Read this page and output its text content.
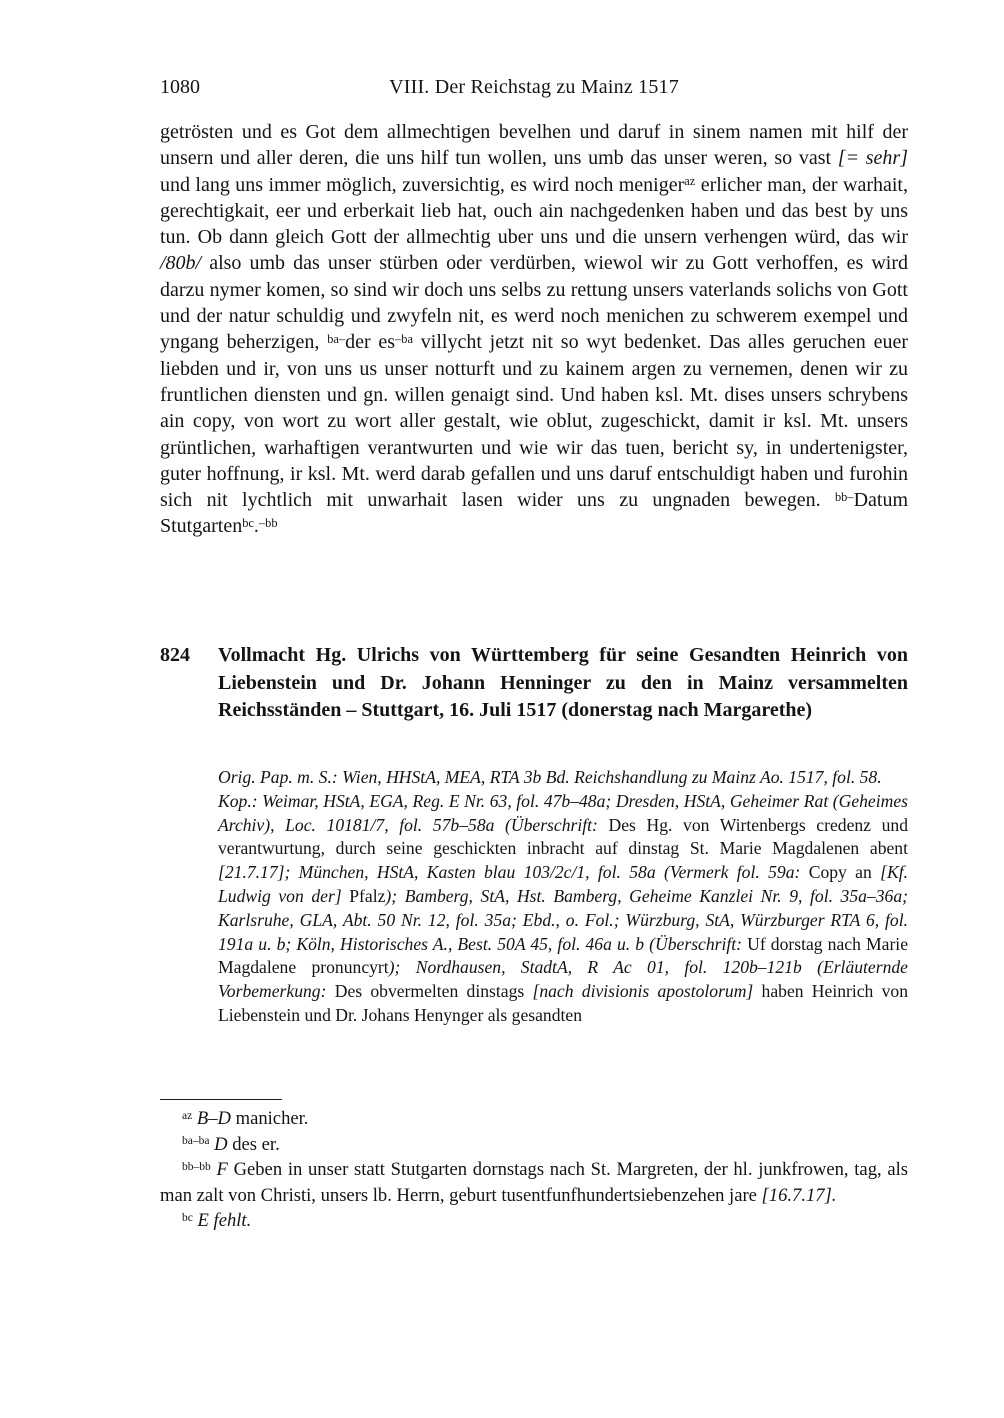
1080	VIII. Der Reichstag zu Mainz 1517
getrösten und es Got dem allmechtigen bevelhen und daruf in sinem namen mit hilf der unsern und aller deren, die uns hilf tun wollen, uns umb das unser weren, so vast [= sehr] und lang uns immer möglich, zuversichtig, es wird noch meniger$^{az}$ erlicher man, der warhait, gerechtigkait, eer und erberkait lieb hat, ouch ain nachgedenken haben und das best by uns tun. Ob dann gleich Gott der allmechtig uber uns und die unsern verhengen würd, das wir /80b/ also umb das unser stürben oder verdürben, wiewol wir zu Gott verhoffen, es wird darzu nymer komen, so sind wir doch uns selbs zu rettung unsers vaterlands solichs von Gott und der natur schuldig und zwyfeln nit, es werd noch menichen zu schwerem exempel und yngang beherzigen, $^{ba-}$der $es^{-ba}$ villycht jetzt nit so wyt bedenket. Das alles geruchen euer liebden und ir, von uns us unser notturft und zu kainem argen zu vernemen, denen wir zu fruntlichen diensten und gn. willen genaigt sind. Und haben ksl. Mt. dises unsers schrybens ain copy, von wort zu wort aller gestalt, wie oblut, zugeschickt, damit ir ksl. Mt. unsers grüntlichen, warhaftigen verantwurten und wie wir das tuen, bericht sy, in undertenigster, guter hoffnung, ir ksl. Mt. werd darab gefallen und uns daruf entschuldigt haben und furohin sich nit lychtlich mit unwarhait lasen wider uns zu ungnaden bewegen. $^{bb-}$Datum Stutgarten$^{bc}$.$^{-bb}$
824	Vollmacht Hg. Ulrichs von Württemberg für seine Gesandten Heinrich von Liebenstein und Dr. Johann Henninger zu den in Mainz versammelten Reichsständen – Stuttgart, 16. Juli 1517 (donerstag nach Margarethe)

Orig. Pap. m. S.: Wien, HHStA, MEA, RTA 3b Bd. Reichshandlung zu Mainz Ao. 1517, fol. 58.

Kop.: Weimar, HStA, EGA, Reg. E Nr. 63, fol. 47b–48a; Dresden, HStA, Geheimer Rat (Geheimes Archiv), Loc. 10181/7, fol. 57b–58a (Überschrift: Des Hg. von Wirtenbergs credenz und verantwurtung, durch seine geschickten inbracht auf dinstag St. Marie Magdalenen abent [21.7.17]; München, HStA, Kasten blau 103/2c/1, fol. 58a (Vermerk fol. 59a: Copy an [Kf. Ludwig von der] Pfalz); Bamberg, StA, Hst. Bamberg, Geheime Kanzlei Nr. 9, fol. 35a–36a; Karlsruhe, GLA, Abt. 50 Nr. 12, fol. 35a; Ebd., o. Fol.; Würzburg, StA, Würzburger RTA 6, fol. 191a u. b; Köln, Historisches A., Best. 50A 45, fol. 46a u. b (Überschrift: Uf dorstag nach Marie Magdalene pronuncyrt); Nordhausen, StadtA, R Ac 01, fol. 120b–121b (Erläuternde Vorbemerkung: Des obvermelten dinstags [nach divisionis apostolorum] haben Heinrich von Liebenstein und Dr. Johans Henynger als gesandten

$^{az}$ B–D manicher.

$^{ba-ba}$ D des er.

$^{bb-bb}$ F Geben in unser statt Stutgarten dornstags nach St. Margreten, der hl. junkfrowen, tag, als man zalt von Christi, unsers lb. Herrn, geburt tusentfunfhundertsiebenzehen jare [16.7.17].

$^{bc}$ E fehlt.
